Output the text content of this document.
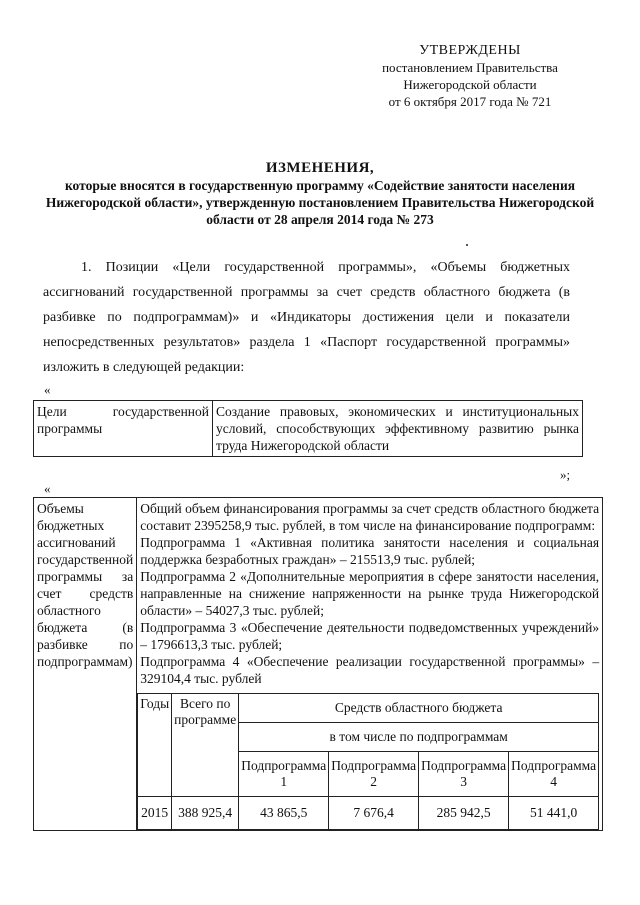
УТВЕРЖДЕНЫ
постановлением Правительства
Нижегородской области
от 6 октября 2017 года № 721
ИЗМЕНЕНИЯ,
которые вносятся в государственную программу «Содействие занятости населения Нижегородской области», утвержденную постановлением Правительства Нижегородской области от 28 апреля 2014 года № 273
1. Позиции «Цели государственной программы», «Объемы бюджетных ассигнований государственной программы за счет средств областного бюджета (в разбивке по подпрограммам)» и «Индикаторы достижения цели и показатели непосредственных результатов» раздела 1 «Паспорт государственной программы» изложить в следующей редакции:
«
Цели государственной программы	Создание правовых, экономических и институциональных условий, способствующих эффективному развитию рынка труда Нижегородской области
»;
«
Объемы бюджетных ассигнований государственной программы за счет средств областного бюджета (в разбивке по подпрограммам)	
Общий объем финансирования программы за счет средств областного бюджета составит 2395258,9 тыс. рублей, в том числе на финансирование подпрограмм:
Подпрограмма 1 «Активная политика занятости населения и социальная поддержка безработных граждан» – 215513,9 тыс. рублей;
Подпрограмма 2 «Дополнительные мероприятия в сфере занятости населения, направленные на снижение напряженности на рынке труда Нижегородской области» – 54027,3 тыс. рублей;
Подпрограмма 3 «Обеспечение деятельности подведомственных учреждений» – 1796613,3 тыс. рублей;
Подпрограмма 4 «Обеспечение реализации государственной программы» – 329104,4 тыс. рублей
Годы	Всего по программе	Средств областного бюджета
в том числе по подпрограммам
Подпрограмма 1	Подпрограмма 2	Подпрограмма 3	Подпрограмма 4
2015	388 925,4	43 865,5	7 676,4	285 942,5	51 441,0
